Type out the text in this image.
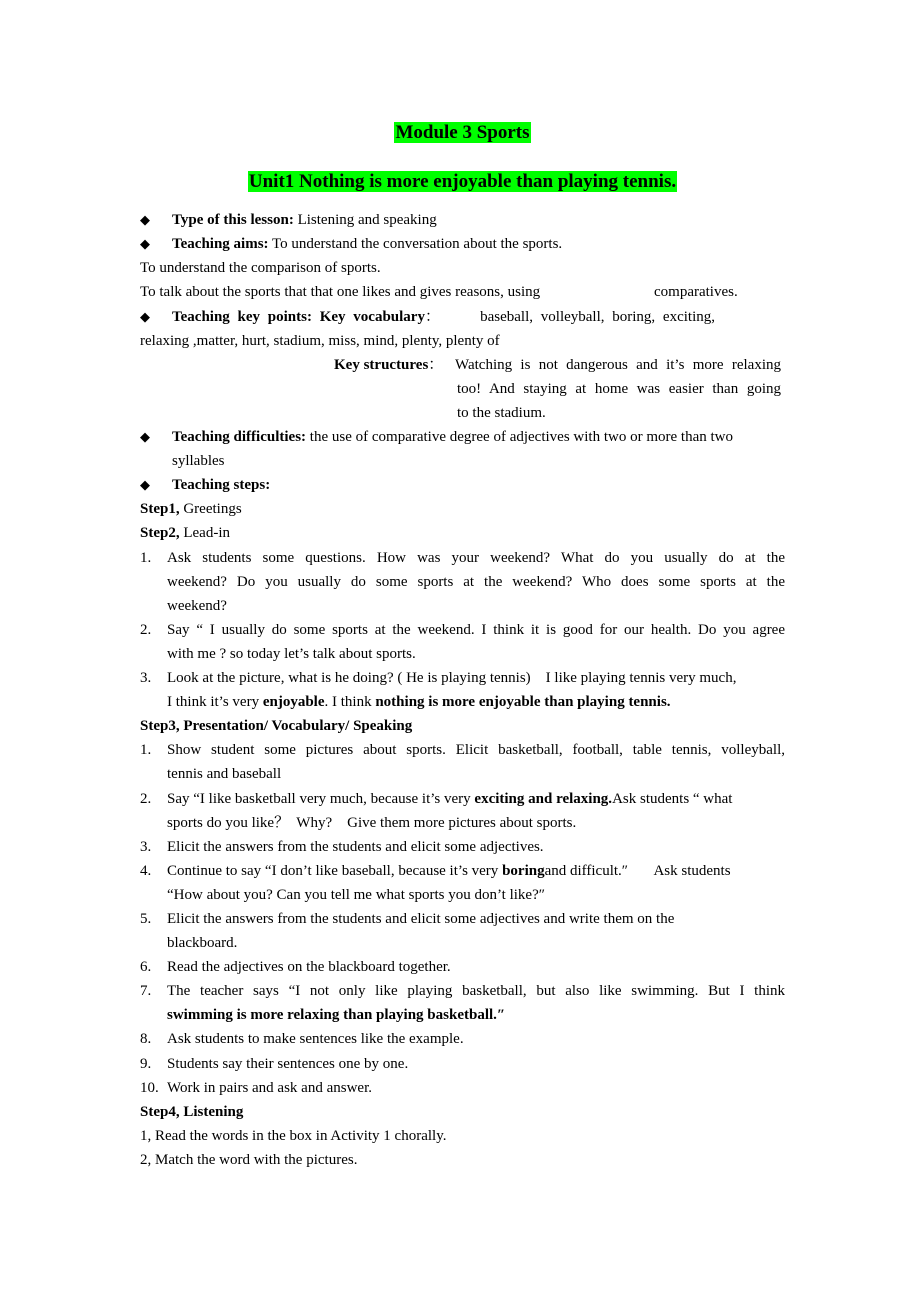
Module 3 Sports
Unit1 Nothing is more enjoyable than playing tennis.
◆ Type of this lesson: Listening and speaking
◆ Teaching aims: To understand the conversation about the sports.
To understand the comparison of sports.
To talk about the sports that that one likes and gives reasons, using	comparatives.
◆ Teaching key points: Key vocabulary：	baseball, volleyball, boring, exciting,
relaxing ,matter, hurt, stadium, miss, mind, plenty, plenty of
Key structures： Watching is not dangerous and it’s more relaxing
too! And staying at home was easier than going
to the stadium.
◆ Teaching difficulties: the use of comparative degree of adjectives with two or more than two
syllables
◆ Teaching steps:
Step1, Greetings
Step2, Lead-in
1. Ask students some questions. How was your weekend? What do you usually do at the
weekend? Do you usually do some sports at the weekend? Who does some sports at the
weekend?
2. Say “ I usually do some sports at the weekend. I think it is good for our health. Do you agree
with me ? so today let’s talk about sports.
3. Look at the picture, what is he doing? ( He is playing tennis)    I like playing tennis very much,
I think it’s very enjoyable. I think nothing is more enjoyable than playing tennis.
Step3, Presentation/ Vocabulary/ Speaking
1. Show student some pictures about sports. Elicit basketball, football, table tennis, volleyball,
tennis and baseball
2. Say “I like basketball very much, because it’s very exciting and relaxing.Ask students “ what
sports do you like？  Why?    Give them more pictures about sports.
3. Elicit the answers from the students and elicit some adjectives.
4. Continue to say “I don’t like baseball, because it’s very boringand difficult.″       Ask students
“How about you? Can you tell me what sports you don’t like?″
5. Elicit the answers from the students and elicit some adjectives and write them on the
blackboard.
6. Read the adjectives on the blackboard together.
7. The teacher says “I not only like playing basketball, but also like swimming. But I think
swimming is more relaxing than playing basketball.″
8. Ask students to make sentences like the example.
9. Students say their sentences one by one.
10. Work in pairs and ask and answer.
Step4, Listening
1, Read the words in the box in Activity 1 chorally.
2, Match the word with the pictures.
